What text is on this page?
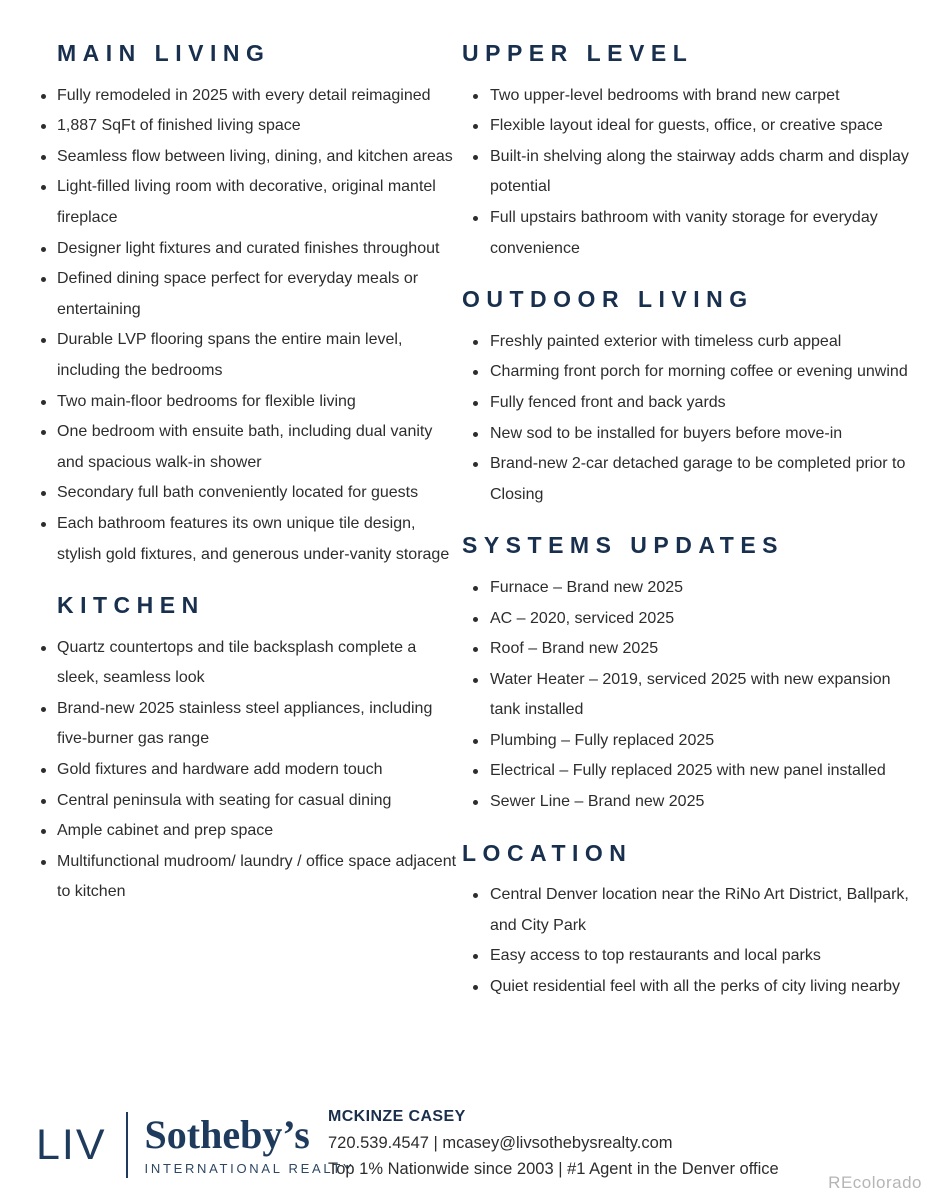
MAIN LIVING
Fully remodeled in 2025 with every detail reimagined
1,887 SqFt of finished living space
Seamless flow between living, dining, and kitchen areas
Light-filled living room with decorative, original mantel fireplace
Designer light fixtures and curated finishes throughout
Defined dining space perfect for everyday meals or entertaining
Durable LVP flooring spans the entire main level, including the bedrooms
Two main-floor bedrooms for flexible living
One bedroom with ensuite bath, including dual vanity and spacious walk-in shower
Secondary full bath conveniently located for guests
Each bathroom features its own unique tile design, stylish gold fixtures, and generous under-vanity storage
KITCHEN
Quartz countertops and tile backsplash complete a sleek, seamless look
Brand-new 2025 stainless steel appliances, including five-burner gas range
Gold fixtures and hardware add modern touch
Central peninsula with seating for casual dining
Ample cabinet and prep space
Multifunctional mudroom/ laundry / office space adjacent to kitchen
UPPER LEVEL
Two upper-level bedrooms with brand new carpet
Flexible layout ideal for guests, office, or creative space
Built-in shelving along the stairway adds charm and display potential
Full upstairs bathroom with vanity storage for everyday convenience
OUTDOOR LIVING
Freshly painted exterior with timeless curb appeal
Charming front porch for morning coffee or evening unwind
Fully fenced front and back yards
New sod to be installed for buyers before move-in
Brand-new 2-car detached garage to be completed prior to Closing
SYSTEMS UPDATES
Furnace – Brand new 2025
AC – 2020, serviced 2025
Roof – Brand new 2025
Water Heater – 2019, serviced 2025 with new expansion tank installed
Plumbing – Fully replaced 2025
Electrical – Fully replaced 2025 with new panel installed
Sewer Line – Brand new 2025
LOCATION
Central Denver location near the RiNo Art District, Ballpark, and City Park
Easy access to top restaurants and local parks
Quiet residential feel with all the perks of city living nearby
LIV Sotheby’s
INTERNATIONAL REALTY
MCKINZE CASEY
720.539.4547 | mcasey@livsothebysrealty.com
Top 1% Nationwide since 2003 | #1 Agent in the Denver office
REcolorado
